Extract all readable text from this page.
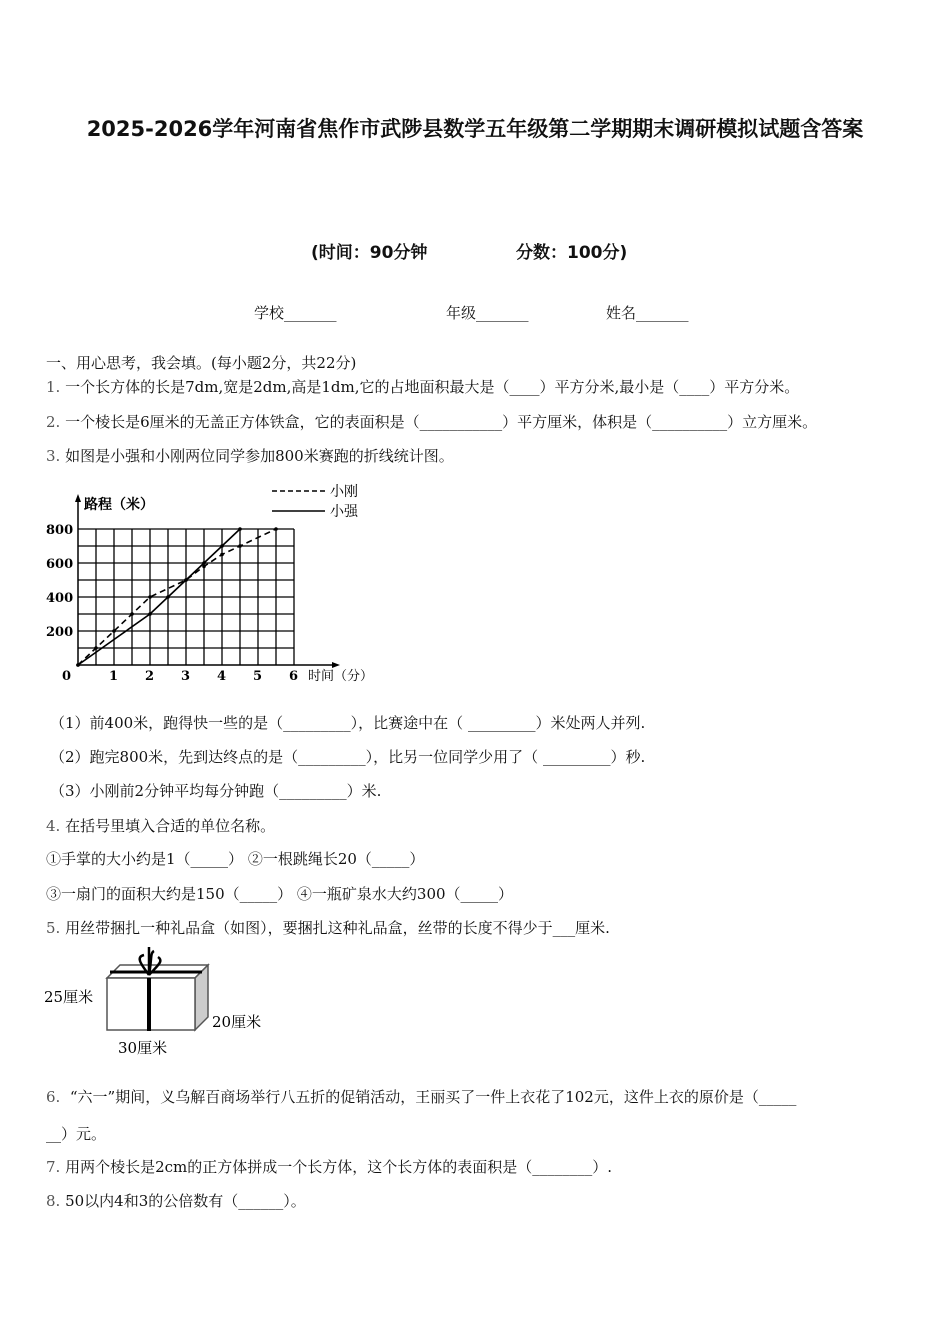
2025-2026学年河南省焦作市武陟县数学五年级第二学期期末调研模拟试题含答案
(时间：90分钟	分数：100分)
学校_______	年级_______	姓名_______
一、用心思考，我会填。(每小题2分，共22分)
1. 一个长方体的长是7dm,宽是2dm,高是1dm,它的占地面积最大是（____）平方分米,最小是（____）平方分米。
2. 一个棱长是6厘米的无盖正方体铁盒，它的表面积是（___________）平方厘米，体积是（__________）立方厘米。
3. 如图是小强和小刚两位同学参加800米赛跑的折线统计图。
0	1 2 3 4 5 6
200
400
600
800
小刚
小强
路程（米）
时间（分）
（1）前400米，跑得快一些的是（_________），比赛途中在（ _________）米处两人并列.
（2）跑完800米，先到达终点的是（_________），比另一位同学少用了（ _________）秒.
（3）小刚前2分钟平均每分钟跑（_________）米.
4. 在括号里填入合适的单位名称。
①手掌的大小约是1（_____） ②一根跳绳长20（_____）
③一扇门的面积大约是150（_____） ④一瓶矿泉水大约300（_____）
5. 用丝带捆扎一种礼品盒（如图），要捆扎这种礼品盒，丝带的长度不得少于___厘米.
25厘米
20厘米
30厘米
6. “六一”期间，义乌解百商场举行八五折的促销活动，王丽买了一件上衣花了102元，这件上衣的原价是（_____
__）元。
7. 用两个棱长是2cm的正方体拼成一个长方体，这个长方体的表面积是（________）.
8. 50以内4和3的公倍数有（______）。
